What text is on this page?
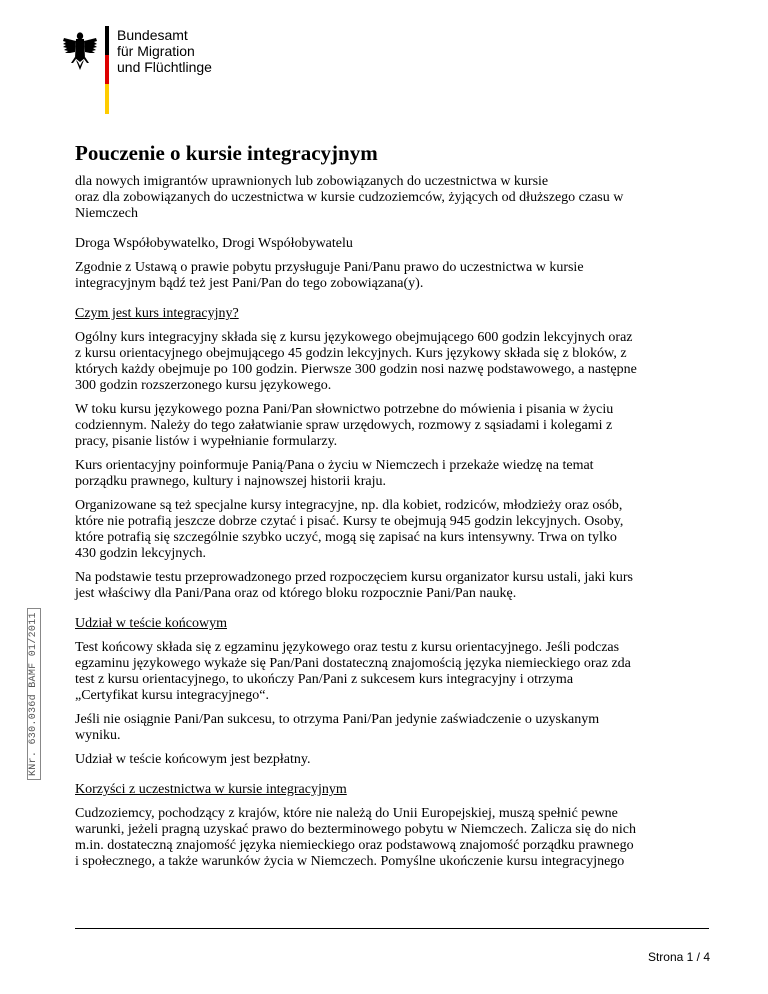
Bundesamt
für Migration
und Flüchtlinge
KNr. 630.036d BAMF 01/2011
Pouczenie o kursie integracyjnym
dla nowych imigrantów uprawnionych lub zobowiązanych do uczestnictwa w kursie
oraz dla zobowiązanych do uczestnictwa w kursie cudzoziemców, żyjących od dłuższego czasu w
Niemczech

Droga Współobywatelko, Drogi Współobywatelu

Zgodnie z Ustawą o prawie pobytu przysługuje Pani/Panu prawo do uczestnictwa w kursie
integracyjnym bądź też jest Pani/Pan do tego zobowiązana(y).

Czym jest kurs integracyjny?

Ogólny kurs integracyjny składa się z kursu językowego obejmującego 600 godzin lekcyjnych oraz
z kursu orientacyjnego obejmującego 45 godzin lekcyjnych. Kurs językowy składa się z bloków, z
których każdy obejmuje po 100 godzin. Pierwsze 300 godzin nosi nazwę podstawowego, a następne
300 godzin rozszerzonego kursu językowego.

W toku kursu językowego pozna Pani/Pan słownictwo potrzebne do mówienia i pisania w życiu
codziennym. Należy do tego załatwianie spraw urzędowych, rozmowy z sąsiadami i kolegami z
pracy, pisanie listów i wypełnianie formularzy.

Kurs orientacyjny poinformuje Panią/Pana o życiu w Niemczech i przekaże wiedzę na temat
porządku prawnego, kultury i najnowszej historii kraju.

Organizowane są też specjalne kursy integracyjne, np. dla kobiet, rodziców, młodzieży oraz osób,
które nie potrafią jeszcze dobrze czytać i pisać. Kursy te obejmują 945 godzin lekcyjnych. Osoby,
które potrafią się szczególnie szybko uczyć, mogą się zapisać na kurs intensywny. Trwa on tylko
430 godzin lekcyjnych.

Na podstawie testu przeprowadzonego przed rozpoczęciem kursu organizator kursu ustali, jaki kurs
jest właściwy dla Pani/Pana oraz od którego bloku rozpocznie Pani/Pan naukę.

Udział w teście końcowym

Test końcowy składa się z egzaminu językowego oraz testu z kursu orientacyjnego. Jeśli podczas
egzaminu językowego wykaże się Pan/Pani dostateczną znajomością języka niemieckiego oraz zda
test z kursu orientacyjnego, to ukończy Pan/Pani z sukcesem kurs integracyjny i otrzyma
„Certyfikat kursu integracyjnego“.

Jeśli nie osiągnie Pani/Pan sukcesu, to otrzyma Pani/Pan jedynie zaświadczenie o uzyskanym
wyniku.

Udział w teście końcowym jest bezpłatny.

Korzyści z uczestnictwa w kursie integracyjnym

Cudzoziemcy, pochodzący z krajów, które nie należą do Unii Europejskiej, muszą spełnić pewne
warunki, jeżeli pragną uzyskać prawo do bezterminowego pobytu w Niemczech. Zalicza się do nich
m.in. dostateczną znajomość języka niemieckiego oraz podstawową znajomość porządku prawnego
i społecznego, a także warunków życia w Niemczech. Pomyślne ukończenie kursu integracyjnego

Strona 1 / 4
